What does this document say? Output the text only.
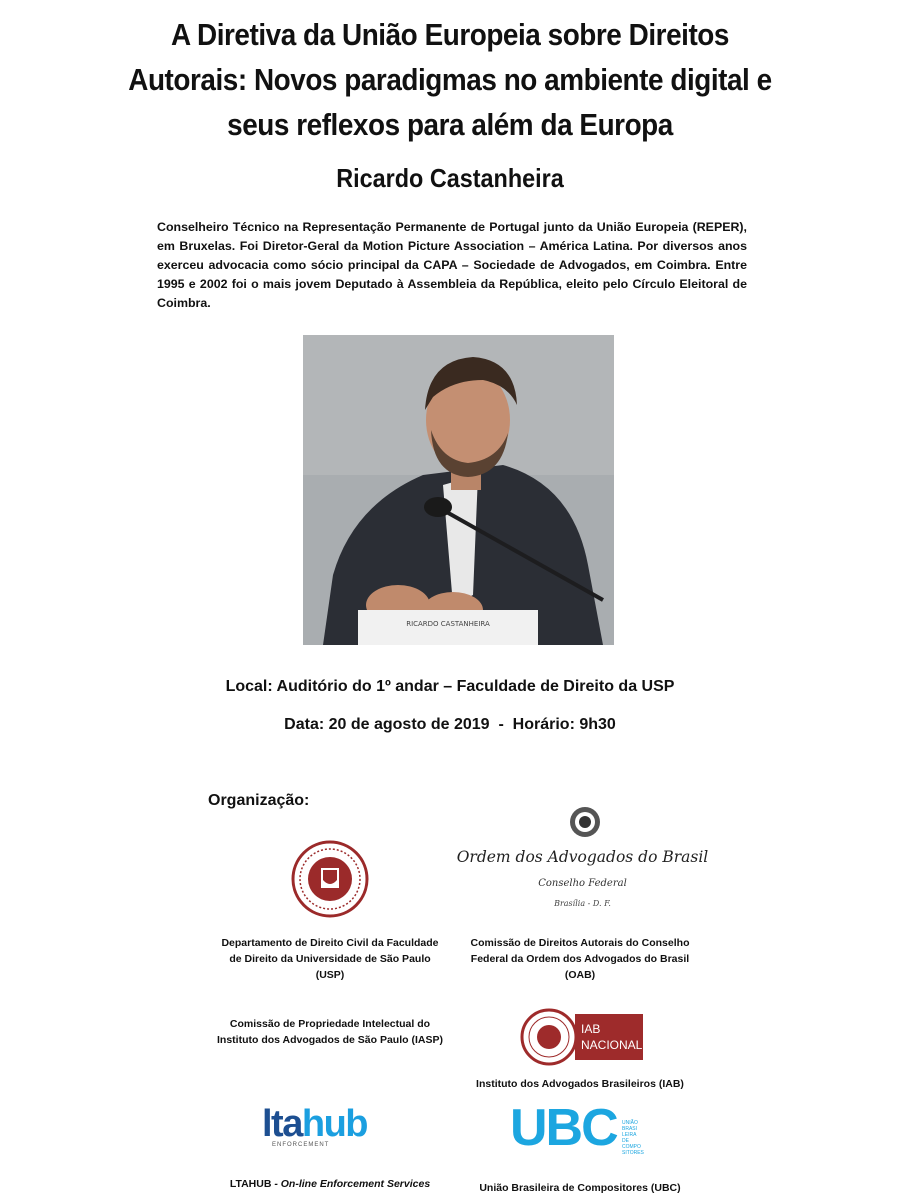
A Diretiva da União Europeia sobre Direitos
Autorais: Novos paradigmas no ambiente digital e
seus reflexos para além da Europa
Ricardo Castanheira

Conselheiro Técnico na Representação Permanente de Portugal junto da União Europeia (REPER), em Bruxelas. Foi Diretor-Geral da Motion Picture Association – América Latina. Por diversos anos exerceu advocacia como sócio principal da CAPA – Sociedade de Advogados, em Coimbra. Entre 1995 e 2002 foi o mais jovem Deputado à Assembleia da República, eleito pelo Círculo Eleitoral de Coimbra.

RICARDO CASTANHEIRA
Local: Auditório do 1º andar – Faculdade de Direito da USP
Data: 20 de agosto de 2019  -  Horário: 9h30
Organização:
Ordem dos Advogados do Brasil
Conselho Federal
Brasília - D. F.
Departamento de Direito Civil da Faculdade
de Direito da Universidade de São Paulo
(USP)
Comissão de Direitos Autorais do Conselho
Federal da Ordem dos Advogados do Brasil
(OAB)
Comissão de Propriedade Intelectual do
Instituto dos Advogados de São Paulo (IASP)
IAB
NACIONAL
Instituto dos Advogados Brasileiros (IAB)
ltahub
ENFORCEMENT
LTAHUB - On-line Enforcement Services
UBC UNIÃO
BRASI
LEIRA
DE
COMPO
SITORES
União Brasileira de Compositores (UBC)
